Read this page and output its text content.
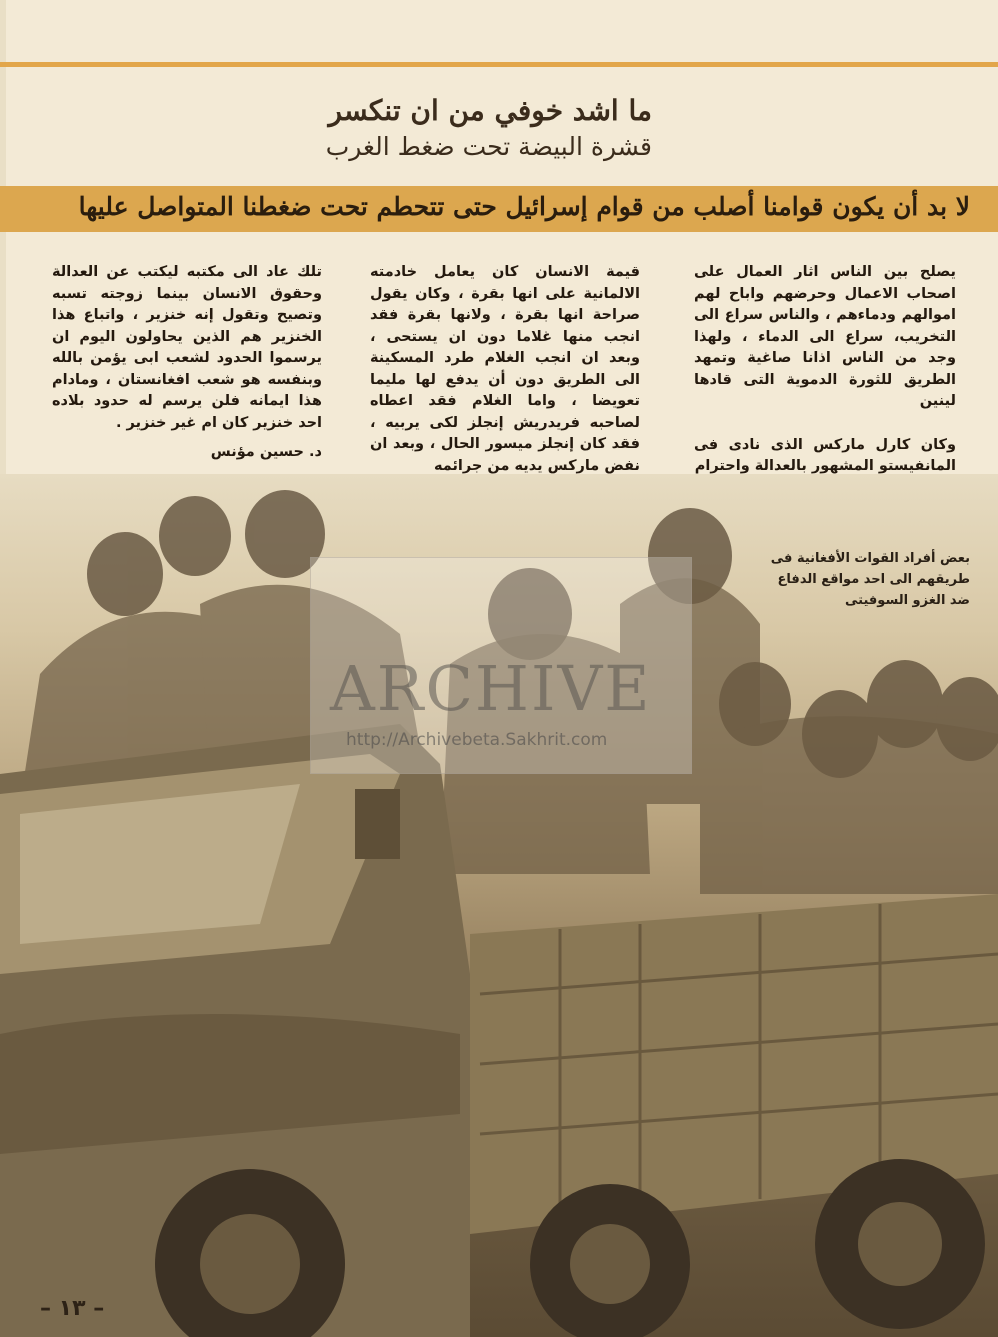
ما اشد خوفي من ان تنكسر
قشرة البيضة تحت ضغط الغرب
لا بد أن يكون قوامنا أصلب من قوام إسرائيل حتى تتحطم تحت ضغطنا المتواصل عليها

يصلح بين الناس اثار العمال على اصحاب الاعمال وحرضهم واباح لهم اموالهم ودماءهم ، والناس سراع الى التخريب، سراع الى الدماء ، ولهذا وجد من الناس اذانا صاغية وتمهد الطريق للثورة الدموية التى قادها لينين

وكان كارل ماركس الذى نادى فى المانفيستو المشهور بالعدالة واحترام

قيمة الانسان كان يعامل خادمته الالمانية على انها بقرة ، وكان يقول صراحة انها بقرة ، ولانها بقرة فقد انجب منها غلاما دون ان يستحى ، وبعد ان انجب الغلام طرد المسكينة الى الطريق دون أن يدفع لها مليما تعويضا ، واما الغلام فقد اعطاه لصاحبه فريدريش إنجلز لكى يربيه ، فقد كان إنجلز ميسور الحال ، وبعد ان نفض ماركس يديه من جرائمه

تلك عاد الى مكتبه ليكتب عن العدالة وحقوق الانسان بينما زوجته تسبه وتصيح وتقول إنه خنزير ، واتباع هذا الخنزير هم الذين يحاولون اليوم ان يرسموا الحدود لشعب ابى يؤمن بالله وبنفسه هو شعب افغانستان ، ومادام هذا ايمانه فلن يرسم له حدود بلاده احد خنزير كان ام غير خنزير .

د. حسين مؤنس
بعض أفراد القوات الأفغانية فى طريقهم الى احد مواقع الدفاع ضد الغزو السوفيتى
ARCHIVE
http://Archivebeta.Sakhrit.com
– ١٣ –
